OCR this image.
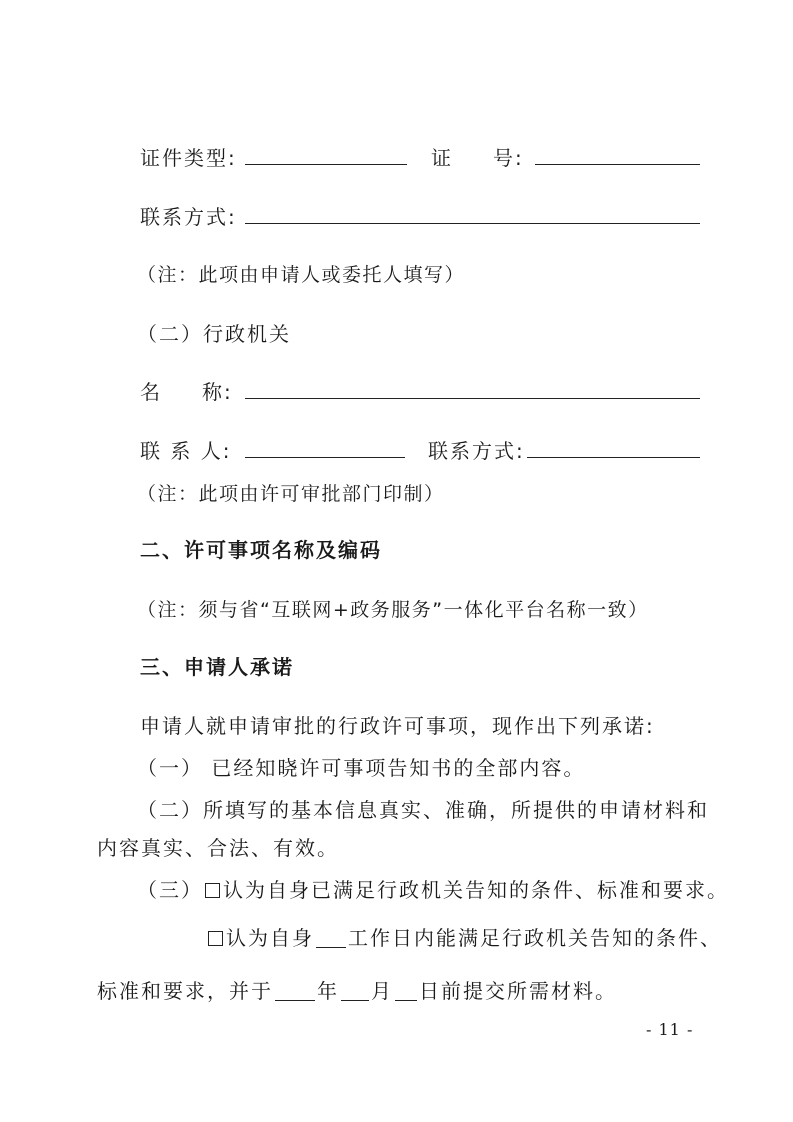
证件类型:	证 号:
联系方式:
（注：此项由申请人或委托人填写）
（二）行政机关
名 称:
联 系 人:	联系方式:
（注：此项由许可审批部门印制）
二、许可事项名称及编码
（注：须与省“互联网+政务服务”一体化平台名称一致）
三、申请人承诺
申请人就申请审批的行政许可事项，现作出下列承诺:
（一） 已经知晓许可事项告知书的全部内容。
（二）所填写的基本信息真实、准确，所提供的申请材料和
内容真实、合法、有效。
（三） 认为自身已满足行政机关告知的条件、标准和要求。
认为自身 工作日内能满足行政机关告知的条件、
标准和要求，并于 年 月 日前提交所需材料。
- 11 -
